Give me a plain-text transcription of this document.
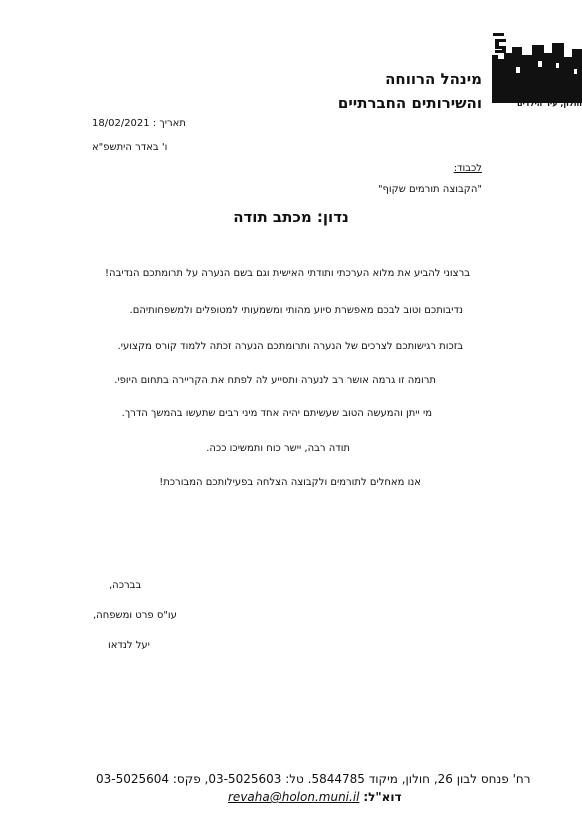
חולון, עיר הילדים
מינהל הרווחה
והשירותים החברתיים
תאריך : 18/02/2021
ו' באדר היתשפ"א
לכבוד:
"הקבוצה תורמים שקוף"
נדון: מכתב תודה
ברצוני להביע את מלוא הערכתי ותודתי האישית וגם בשם הנערה על תרומתכם הנדיבה!
נדיבותכם וטוב לבכם מאפשרת סיוע מהותי ומשמעותי למטופלים ולמשפחותיהם.
בזכות רגישותכם לצרכים של הנערה ותרומתכם הנערה זכתה ללמוד קורס מקצועי.
תרומה זו גרמה אושר רב לנערה ותסייע לה לפתח את הקריירה בתחום היופי.
מי ייתן והמעשה הטוב שעשיתם יהיה אחד מיני רבים שתעשו בהמשך הדרך.
תודה רבה, יישר כוח ותמשיכו ככה.
אנו מאחלים לתורמים ולקבוצה הצלחה בפעילותכם המבורכת!
בברכה,
עו"ס פרט ומשפחה,
יעל לנדאו
רח' פנחס לבון 26, חולון, מיקוד 5844785. טל: 03-5025603, פקס: 03-5025604
דוא"ל: revaha@holon.muni.il
